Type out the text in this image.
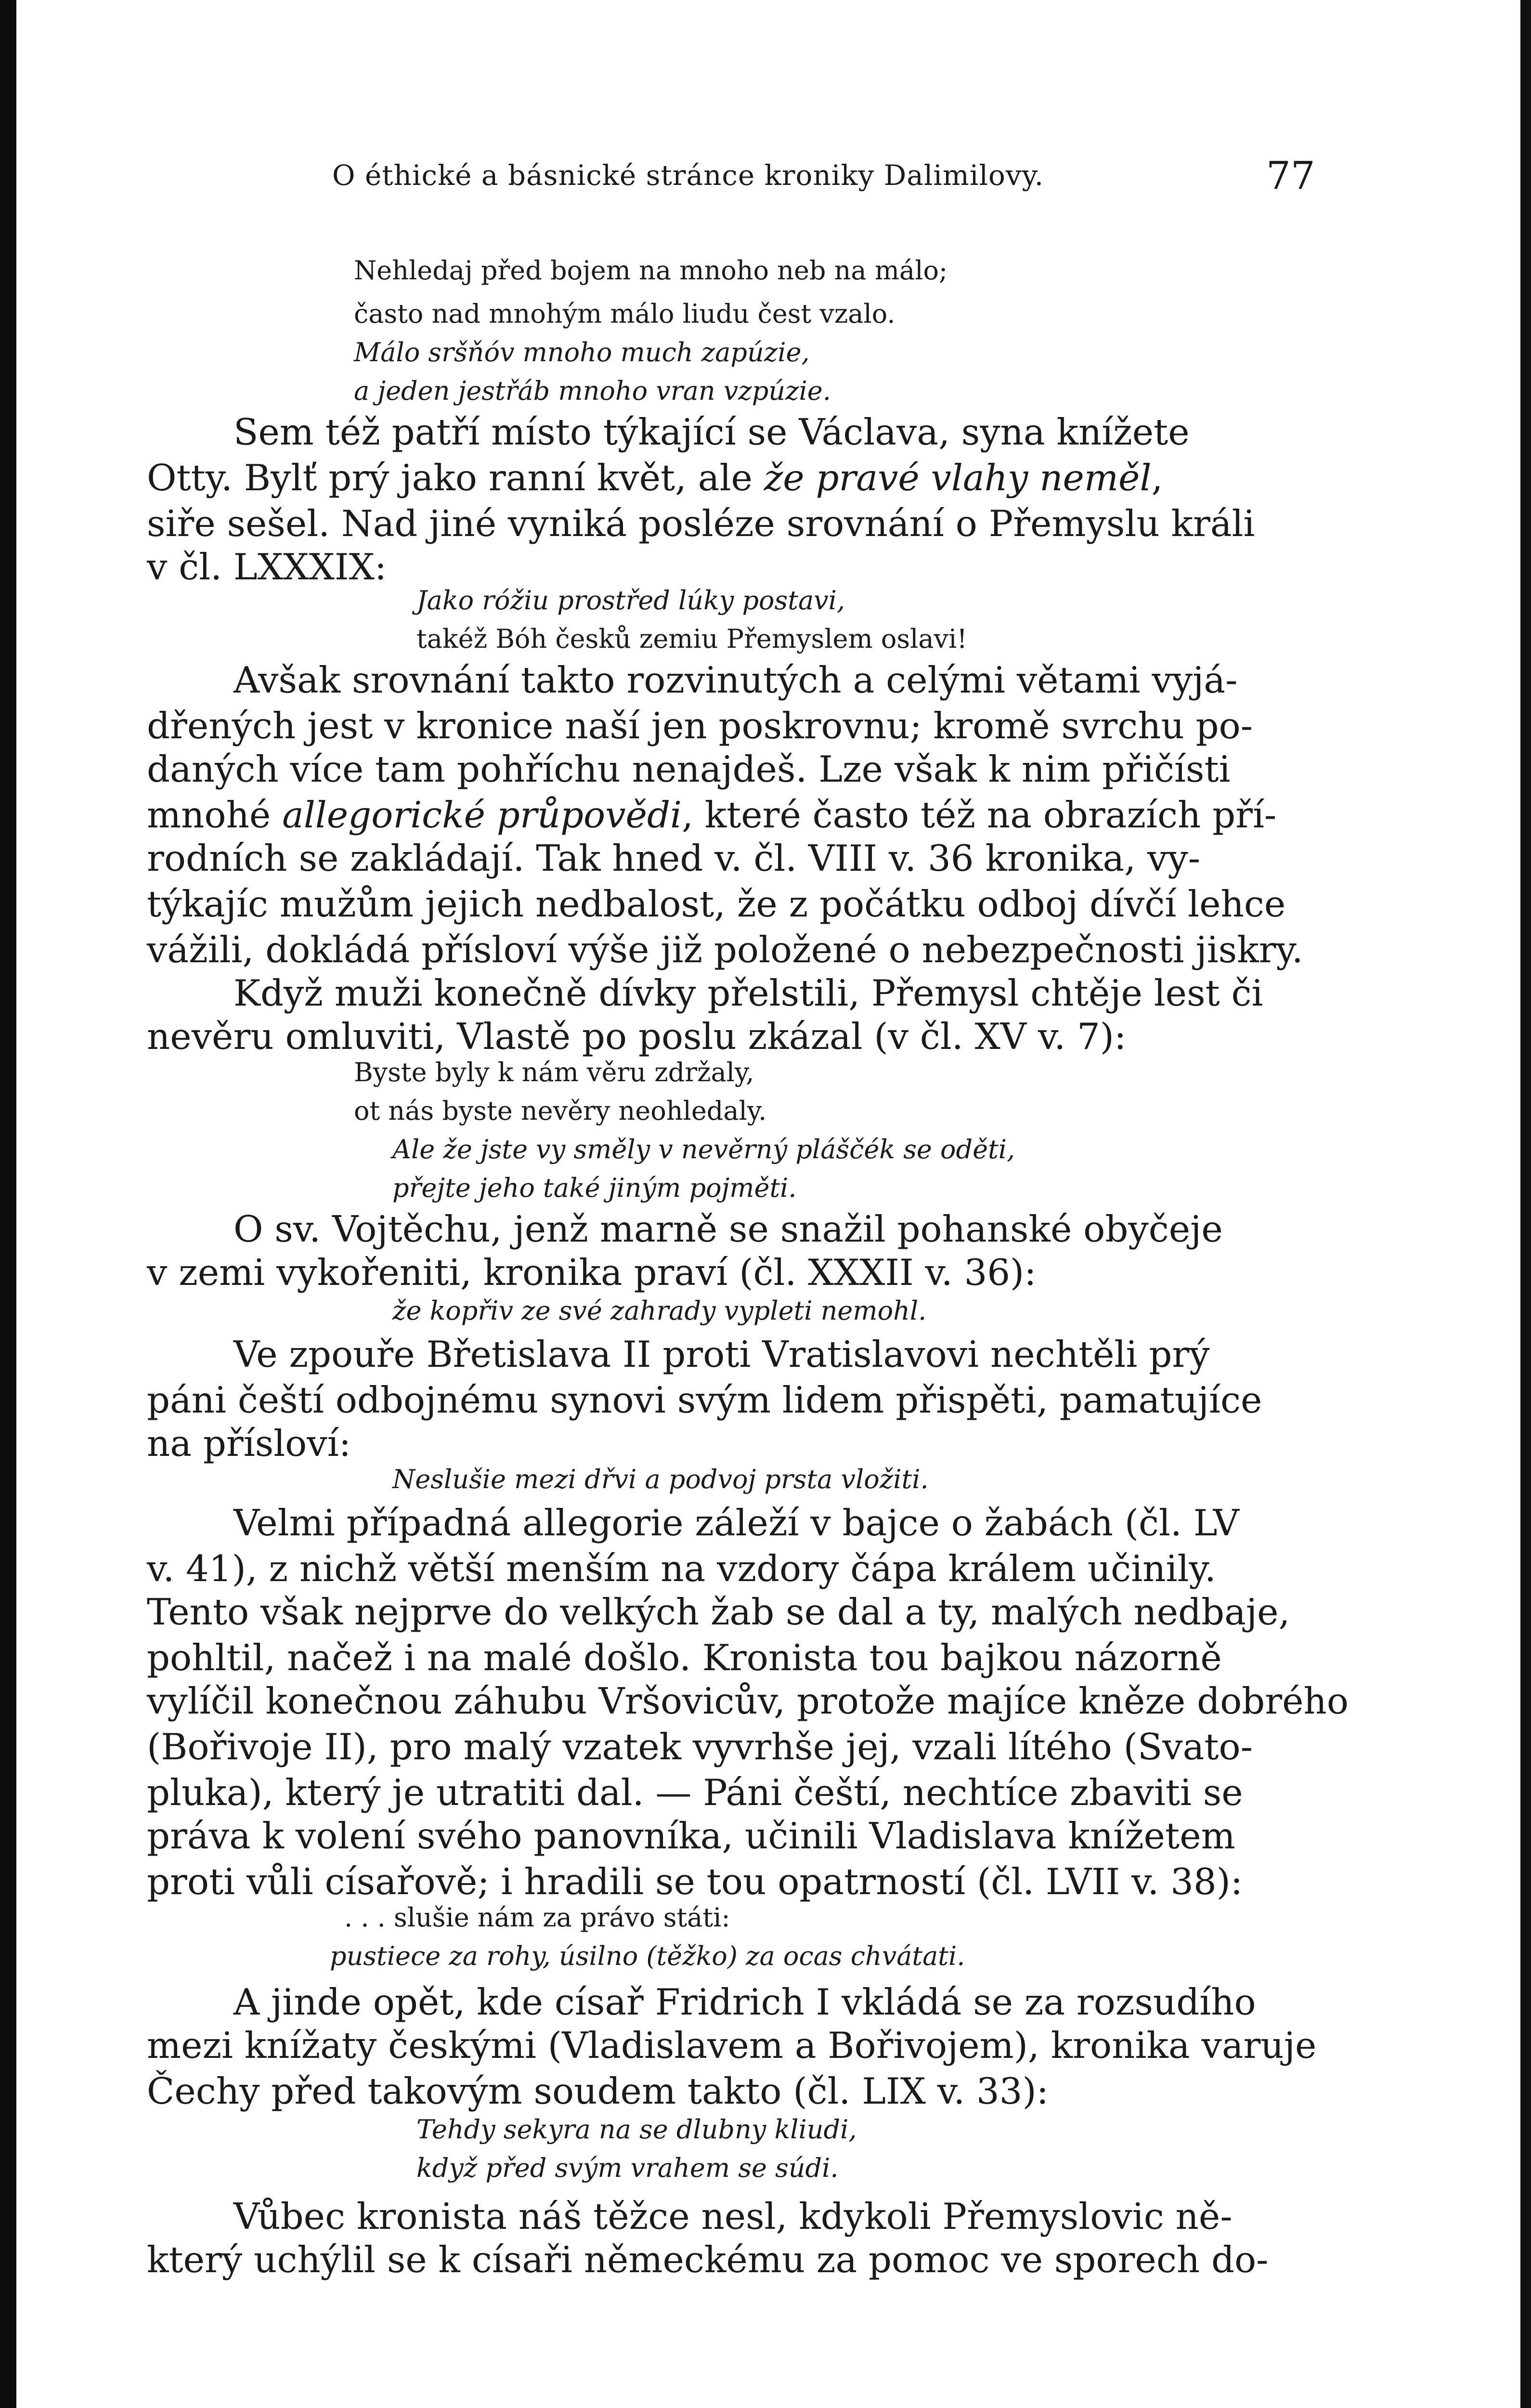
O éthické a básnické stránce kroniky Dalimilovy.	77
Nehledaj před bojem na mnoho neb na málo;
často nad mnohým málo liudu čest vzalo.
Málo sršňóv mnoho much zapúzie,
a jeden jestřáb mnoho vran vzpúzie.
Sem též patří místo týkající se Václava, syna knížete
Otty. Bylť prý jako ranní květ, ale že pravé vlahy neměl,
siře sešel. Nad jiné vyniká posléze srovnání o Přemyslu králi
v čl. LXXXIX:
Jako róžiu prostřed lúky postavi,
takéž Bóh česků zemiu Přemyslem oslavi!
Avšak srovnání takto rozvinutých a celými větami vyjá-
dřených jest v kronice naší jen poskrovnu; kromě svrchu po-
daných více tam pohříchu nenajdeš. Lze však k nim přičísti
mnohé allegorické průpovědi, které často též na obrazích pří-
rodních se zakládají. Tak hned v. čl. VIII v. 36 kronika, vy-
týkajíc mužům jejich nedbalost, že z počátku odboj dívčí lehce
vážili, dokládá přísloví výše již položené o nebezpečnosti jiskry.
Když muži konečně dívky přelstili, Přemysl chtěje lest či
nevěru omluviti, Vlastě po poslu zkázal (v čl. XV v. 7):
Byste byly k nám věru zdržaly,
ot nás byste nevěry neohledaly.
Ale že jste vy směly v nevěrný pláščék se oděti,
přejte jeho také jiným pojměti.
O sv. Vojtěchu, jenž marně se snažil pohanské obyčeje
v zemi vykořeniti, kronika praví (čl. XXXII v. 36):
že kopřiv ze své zahrady vypleti nemohl.
Ve zpouře Břetislava II proti Vratislavovi nechtěli prý
páni čeští odbojnému synovi svým lidem přispěti, pamatujíce
na přísloví:
Neslušie mezi dřvi a podvoj prsta vložiti.
Velmi případná allegorie záleží v bajce o žabách (čl. LV
v. 41), z nichž větší menším na vzdory čápa králem učinily.
Tento však nejprve do velkých žab se dal a ty, malých nedbaje,
pohltil, načež i na malé došlo. Kronista tou bajkou názorně
vylíčil konečnou záhubu Vršovicův, protože majíce kněze dobrého
(Bořivoje II), pro malý vzatek vyvrhše jej, vzali lítého (Svato-
pluka), který je utratiti dal. — Páni čeští, nechtíce zbaviti se
práva k volení svého panovníka, učinili Vladislava knížetem
proti vůli císařově; i hradili se tou opatrností (čl. LVII v. 38):
. . . slušie nám za právo státi:
pustiece za rohy, úsilno (těžko) za ocas chvátati.
A jinde opět, kde císař Fridrich I vkládá se za rozsudího
mezi knížaty českými (Vladislavem a Bořivojem), kronika varuje
Čechy před takovým soudem takto (čl. LIX v. 33):
Tehdy sekyra na se dlubny kliudi,
když před svým vrahem se súdi.
Vůbec kronista náš těžce nesl, kdykoli Přemyslovic ně-
který uchýlil se k císaři německému za pomoc ve sporech do-
